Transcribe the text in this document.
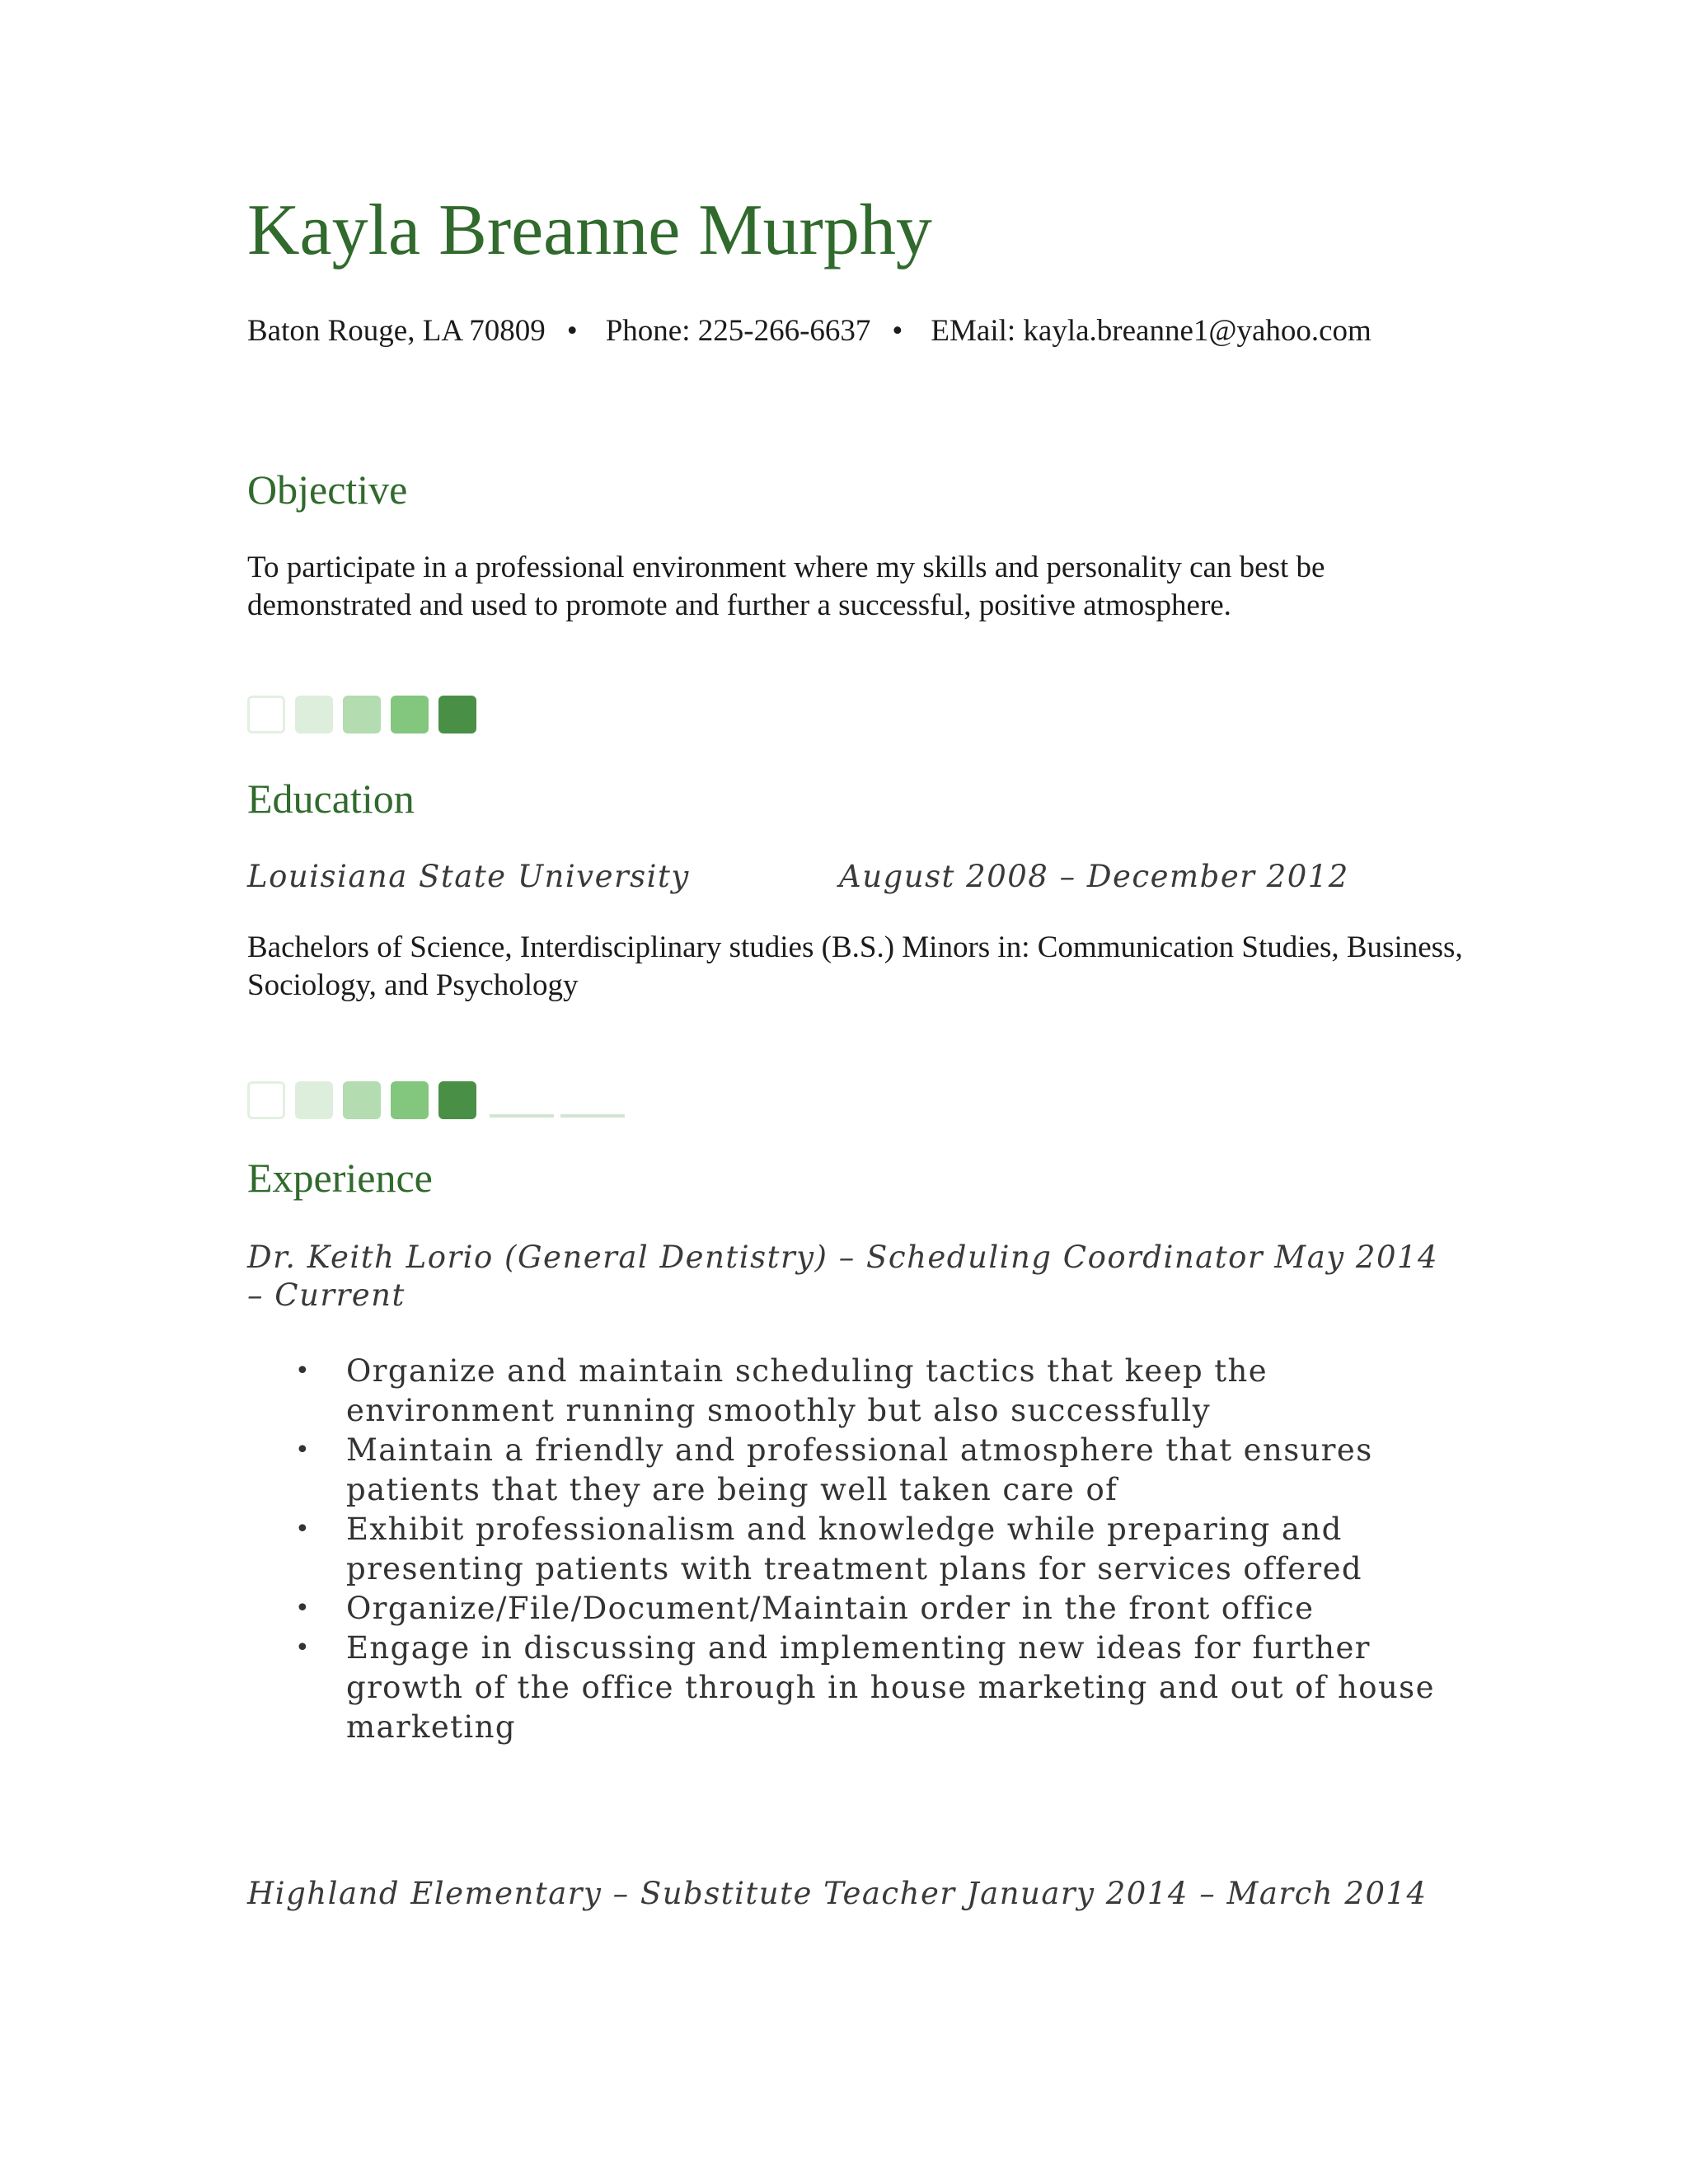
Kayla Breanne Murphy
Baton Rouge, LA 70809 • Phone: 225-266-6637 • EMail: kayla.breanne1@yahoo.com
Objective
To participate in a professional environment where my skills and personality can best be demonstrated and used to promote and further a successful, positive atmosphere.
Education
Louisiana State University	August 2008 – December 2012
Bachelors of Science, Interdisciplinary studies (B.S.) Minors in: Communication Studies, Business, Sociology, and Psychology
Experience
Dr. Keith Lorio (General Dentistry) – Scheduling Coordinator May 2014 – Current
• Organize and maintain scheduling tactics that keep the environment running smoothly but also successfully
• Maintain a friendly and professional atmosphere that ensures patients that they are being well taken care of
• Exhibit professionalism and knowledge while preparing and presenting patients with treatment plans for services offered
• Organize/File/Document/Maintain order in the front office
• Engage in discussing and implementing new ideas for further growth of the office through in house marketing and out of house marketing
Highland Elementary – Substitute Teacher January 2014 – March 2014
